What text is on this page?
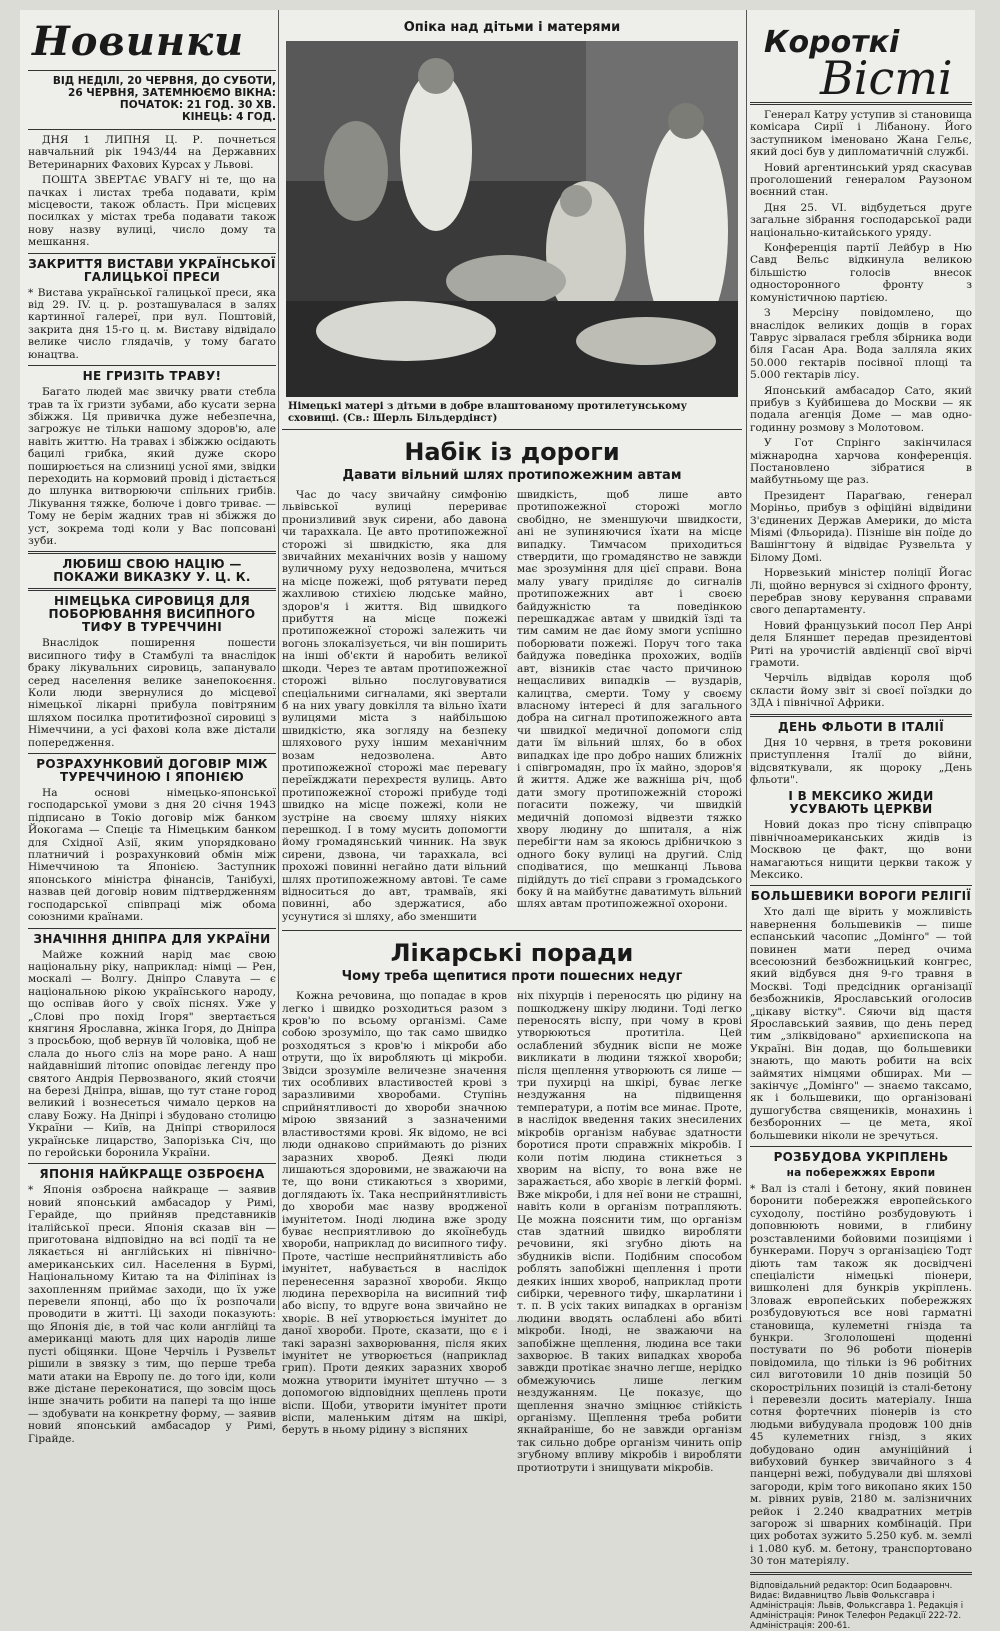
Новинки
ВІД НЕДІЛІ, 20 ЧЕРВНЯ, ДО СУБОТИ,
26 ЧЕРВНЯ, ЗАТЕМНЮЄМО ВІКНА:
ПОЧАТОК: 21 ГОД. 30 ХВ.
КІНЕЦЬ: 4 ГОД.

ДНЯ 1 ЛИПНЯ Ц. Р. почнеться навчальний рік 1943/44 на Державних Ветеринарних Фахових Курсах у Львові.

ПОШТА ЗВЕРТАЄ УВАГУ ні те, що на пачках і листах треба подавати, крім місцевости, також область. При місцевих посилках у містах треба подавати також нову назву вулиці, число дому та мешкання.

ЗАКРИТТЯ ВИСТАВИ УКРАЇНСЬКОЇ ГАЛИЦЬКОЇ ПРЕСИ

* Вистава української галицької преси, яка від 29. IV. ц. р. розташувалася в залях картинної галереї, при вул. Поштовій, закрита дня 15-го ц. м. Виставу відвідало велике число глядачів, у тому багато юнацтва.

НЕ ГРИЗІТЬ ТРАВУ!

Багато людей має звичку рвати стебла трав та їх гризти зубами, або кусати зерна збіжжя. Ця привичка дуже небезпечна, загрожує не тільки нашому здоров'ю, але навіть життю. На травах і збіжжю осідають бацилі грибка, який дуже скоро поширюється на слизниці усної ями, звідки переходить на кормовий провід і дістається до шлунка витворюючи спільних грибів. Лікування тяжке, болюче і довго триває. — Тому не берім жадних трав ні збіжжя до уст, зокрема тоді коли у Вас попсовані зуби.

ЛЮБИШ СВОЮ НАЦІЮ — ПОКАЖИ ВИКАЗКУ У. Ц. К.
НІМЕЦЬКА СИРОВИЦЯ ДЛЯ ПОБОРЮВАННЯ ВИСИПНОГО ТИФУ В ТУРЕЧЧИНІ

Внаслідок поширення пошести висипного тифу в Стамбулі та внаслідок браку лікувальних сировиць, запанувало серед населення велике занепокоєння. Коли люди звернулися до місцевої німецької лікарні прибула повітряним шляхом посилка протитифозної сировиці з Німеччини, а усі фахові кола вже дістали попередження.

РОЗРАХУНКОВИЙ ДОГОВІР МІЖ ТУРЕЧЧИНОЮ І ЯПОНІЄЮ

На основі німецько-японської господарської умови з дня 20 січня 1943 підписано в Токіо договір між банком Йокогама — Спеціє та Німецьким банком для Східної Азії, яким упорядковано платничий і розрахунковий обмін між Німеччиною та Японією. Заступник японського міністра фінансів, Танібухі, назвав цей договір новим підтвердженням господарської співпраці між обома союзними країнами.

ЗНАЧІННЯ ДНІПРА ДЛЯ УКРАЇНИ

Майже кожний нарід має свою національну ріку, наприклад: німці — Рен, москалі — Волгу. Дніпро Славута — є національною рікою українського народу, що оспівав його у своїх піснях. Уже у „Слові про похід Ігоря" звертається княгиня Ярославна, жінка Ігоря, до Дніпра з просьбою, щоб вернув їй чоловіка, щоб не слала до нього сліз на море рано. А наш найдавніший літопис оповідає легенду про святого Андрія Первозваного, який стоячи на березі Дніпра, вішав, що тут стане город великий і вознесеться чимало церков на славу Божу. На Дніпрі і збудовано столицю України — Київ, на Дніпрі створилося українське лицарство, Запорізька Січ, що по геройськи боронила України.

ЯПОНІЯ НАЙКРАЩЕ ОЗБРОЄНА

* Японія озброєна найкраще — заявив новий японський амбасадор у Римі, Герайде, що прийняв представників італійської преси. Японія сказав він — приготована відповідно на всі події та не лякається ні англійських ні північно-американських сил. Населення в Бурмі, Національному Китаю та на Філіпінах із захопленням приймає заходи, що їх уже перевели японці, або що їх розпочали проводити в житті. Ці заходи показують: що Японія діє, в той час коли англійці та американці мають для цих народів лише пусті обіцянки. Щоне Черчіль і Рузвельт рішили в звязку з тим, що перше треба мати атаки на Европу пе. до того іди, коли вже дістане переконатися, що зовсім щось інше значить робити на папері та що інше — здобувати на конкретну форму, — заявив новий японський амбасадор у Римі, Гірайде.

Опіка над дітьми і матерями
Німецькі матері з дітьми в добре влаштованому протилетунському сховищі. (Св.: Шерль Більдердінст)
Набік із дороги
Давати вільний шлях протипожежним автам

Час до часу звичайну симфонію львівської вулиці перериває пронизливий звук сирени, або давона чи тарахкала. Це авто протипожежної сторожі зі швидкістю, яка для звичайних механічних возів у нашому вуличному руху недозволена, мчиться на місце пожежі, щоб рятувати перед жахливою стихією людське майно, здоров'я і життя. Від швидкого прибуття на місце пожежі протипожежної сторожі залежить чи вогонь злокалізується, чи він поширить на інші об'єкти й наробить великої шкоди. Через те автам протипожежної сторожі вільно послуговуватися спеціальними сигналами, які звертали б на них увагу довкілля та вільно їхати вулицями міста з найбільшою швидкістю, яка зогляду на безпеку шляхового руху іншим механічним возам недозволена. Авто протипожежної сторожі має перевагу переїжджати перехрестя вулиць. Авто протипожежної сторожі прибуде тоді швидко на місце пожежі, коли не зустріне на своєму шляху ніяких перешкод. І в тому мусить допомогти йому громадянський чинник. На звук сирени, дзвона, чи тарахкала, всі прохожі повинні негайно дати вільний шлях протипожежному автові. Те саме відноситься до авт, трамваїв, які повинні, або здержатися, або усунутися зі шляху, або зменшити

швидкість, щоб лише авто протипожежної сторожі могло свобідно, не зменшуючи швидкости, ані не зупиняючися їхати на місце випадку. Тимчасом приходиться ствердити, що громадянство не завжди має зрозуміння для цієї справи. Вона малу увагу приділяє до сигналів протипожежних авт і своєю байдужністю та поведінкою перешкаджає автам у швидкій їзді та тим самим не дає йому змоги успішно поборювати пожежі. Поруч того така байдужа поведінка прохожих, водіїв авт, візників стає часто причиною нещасливих випадків — вуздарів, калицтва, смерти. Тому у своєму власному інтересі й для загального добра на сигнал протипожежного авта чи швидкої медичної допомоги слід дати їм вільний шлях, бо в обох випадках іде про добро наших ближніх і співгромадян, про їх майно, здоров'я й життя. Адже же важніша річ, щоб дати змогу протипожежній сторожі погасити пожежу, чи швидкій медичній допомозі відвезти тяжко хвору людину до шпиталя, а ніж перебігти нам за якоюсь дрібничкою з одного боку вулиці на другий. Слід сподіватися, що мешканці Львова підійдуть до тієї справи з громадського боку й на майбутнє даватимуть вільний шлях автам протипожежної охорони.

Лікарські поради
Чому треба щепитися проти пошесних недуг

Кожна речовина, що попадає в кров легко і швидко розходиться разом з кров'ю по всьому організмі. Саме собою зрозуміло, що так само швидко розходяться з кров'ю і мікроби або отрути, що їх виробляють ці мікроби. Звідси зрозуміле величезне значення тих особливих властивостей крові з заразливими хворобами. Ступінь сприйнятливості до хвороби значною мірою звязаний з зазначеними властивостями крові. Як відомо, не всі люди однаково сприймають до різних заразних хвороб. Деякі люди лишаються здоровими, не зважаючи на те, що вони стикаються з хворими, доглядають їх. Така несприйнятливість до хвороби має назву вродженої імунітетом. Іноді людина вже зроду буває несприятливою до якоїнебудь хвороби, наприклад до висипного тифу. Проте, частіше несприйнятливість або імунітет, набувається в наслідок перенесення заразної хвороби. Якщо людина перехворіла на висипний тиф або віспу, то вдруге вона звичайно не хворіє. В неї утворюється імунітет до даної хвороби. Проте, сказати, що є і такі заразні захворювання, після яких імунітет не утворюється (наприклад грип). Проти деяких заразних хвороб можна утворити імунітет штучно — з допомогою відповідних щеплень проти віспи. Щоби, утворити імунітет проти віспи, маленьким дітям на шкірі, беруть в ньому рідину з віспяних

ніх піхурців і переносять цю рідину на пошкоджену шкіру людини. Тоді легко переносять віспу, при чому в крові утворюються протитіла. Цей ослаблений збудник віспи не може викликати в людини тяжкої хвороби; після щеплення утворюють ся лише — три пухирці на шкірі, буває легке нездужання на підвищення температури, а потім все минає. Проте, в наслідок введення таких знесилених мікробів організм набуває здатности боротися проти справжніх мікробів. І коли потім людина стикнеться з хворим на віспу, то вона вже не заражається, або хворіє в легкій формі. Вже мікроби, і для неї вони не страшні, навіть коли в організм потрапляють. Це можна пояснити тим, що організм став здатний швидко виробляти речовини, які згубно діють на збудників віспи. Подібним способом роблять запобіжні щеплення і проти деяких інших хвороб, наприклад проти сибірки, черевного тифу, шкарлатини і т. п. В усіх таких випадках в організм людини вводять ослаблені або вбиті мікроби. Іноді, не зважаючи на запобіжне щеплення, людина все таки захворює. В таких випадках хвороба завжди протікає значно легше, нерідко обмежуючись лише легким нездужанням. Це показує, що щеплення значно зміцнює стійкість організму. Щеплення треба робити якнайраніше, бо не завжди організм так сильно добре організм чинить опір згубному впливу мікробів і виробляти протиотрути і знищувати мікробів.

Короткі
Вісті

Генерал Катру уступив зі становища комісара Сирії і Лібанону. Його заступником іменовано Жана Гельє, який досі був у дипломатичній службі.

Новий аргентинський уряд скасував проголошений генералом Раузоном воєнний стан.

Дня 25. VI. відбудеться друге загальне зібрання господарської ради національно-китайського уряду.

Конференція партії Лейбур в Ню Савд Вельс відкинула великою більшістю голосів внесок односторонного фронту з комуністичною партією.

З Мерсіну повідомлено, що внаслідок великих дощів в горах Таврус зірвалася гребля збірника води біля Гасан Ара. Вода залляла яких 50.000 гектарів посівної площі та 5.000 гектарів лісу.

Японський амбасадор Сато, який прибув з Куйбишева до Москви — як подала агенція Доме — мав одно-годинну розмову з Молотовом.

У Гот Спрінго закінчилася міжнародна харчова конференція. Постановлено зібратися в майбутньому ще раз.

Президент Параґваю, генерал Моріньо, прибув з офіційні відвідини З'єдинених Держав Америки, до міста Міямі (Фльорида). Пізніше він поїде до Вашінгтону й відвідає Рузвельта у Білому Домі.

Норвезький міністер поліції Йогас Лі, щойно вернувся зі східного фронту, перебрав знову керування справами свого департаменту.

Новий французький посол Пер Анрі деля Бляншет передав президентові Риті на урочистій авдієнції свої вірчі грамоти.

Черчіль відвідав короля щоб скласти йому звіт зі своєї поїздки до ЗДА і північної Африки.

ДЕНЬ ФЛЬОТИ В ІТАЛІЇ

Дня 10 червня, в третя роковини приступлення Італії до війни, відсвяткували, як щороку „День фльоти".

І В МЕКСИКО ЖИДИ УСУВАЮТЬ ЦЕРКВИ

Новий доказ про тісну співпрацю північноамериканських жидів із Москвою це факт, що вони намагаються нищити церкви також у Мексико.

БОЛЬШЕВИКИ ВОРОГИ РЕЛІГІЇ

Хто далі ще вірить у можливість навернення большевиків — пише еспанський часопис „Домінго" — той повинен мати перед очима всесоюзний безбожницький конгрес, який відбувся дня 9-го травня в Москві. Тоді предсідник організації безбожників, Ярославський оголосив „цікаву вістку". Сяючи від щастя Ярославський заявив, що день перед тим „зліквідовано" архиєпископа на Україні. Він додав, що большевики знають, що мають робити на всіх займятих німцями обширах. Ми — закінчує „Домінго" — знаємо таксамо, як і большевики, що організовані душогубства священиків, монахинь і безборонних — це мета, якої большевики ніколи не зречуться.

РОЗБУДОВА УКРІПЛЕНЬ
на побережжях Европи

* Вал із сталі і бетону, який повинен боронити побережжя европейського суходолу, постійно розбудовують і доповнюють новими, в глибину розставленими бойовими позиціями і бункерами. Поруч з організацією Тодт діють там також як досвідчені спеціалісти німецькі піонери, вишколені для бункрів укріплень. Зловаж европейських побережжях розбудовуються все нові гарматні становища, кулеметні гнізда та бункри. Згололошені щоденні постувати по 96 роботи піонерів повідомила, що тільки із 96 робітних сил виготовили 10 днів позицій 50 скорострільних позицій із сталі-бетону і перевезли досить матеріалу. Інша сотня фортечних піонерів із сто людьми вибудувала продовж 100 днів 45 кулеметних гнізд, з яких добудовано один амуніційний і вибуховий бункер звичайного з 4 панцерні вежі, побудували дві шляхові загороди, крім того викопано яких 150 м. рівних рувів, 2180 м. залізничних рейок і 2.240 квадратних метрів загорож зі шварних комбінацій. При цих роботах зужито 5.250 куб. м. землі і 1.080 куб. м. бетону, транспортовано 30 тон матеріялу.

Відповідальний редактор: Осип Бодааровнч. Видає: Видавництво Львів Фольксгавра і Адміністрація: Львів, Фольксгавра 1. Редакція і Адміністрація: Ринок Телефон Редакції 222-72. Адміністрація: 200-61.
